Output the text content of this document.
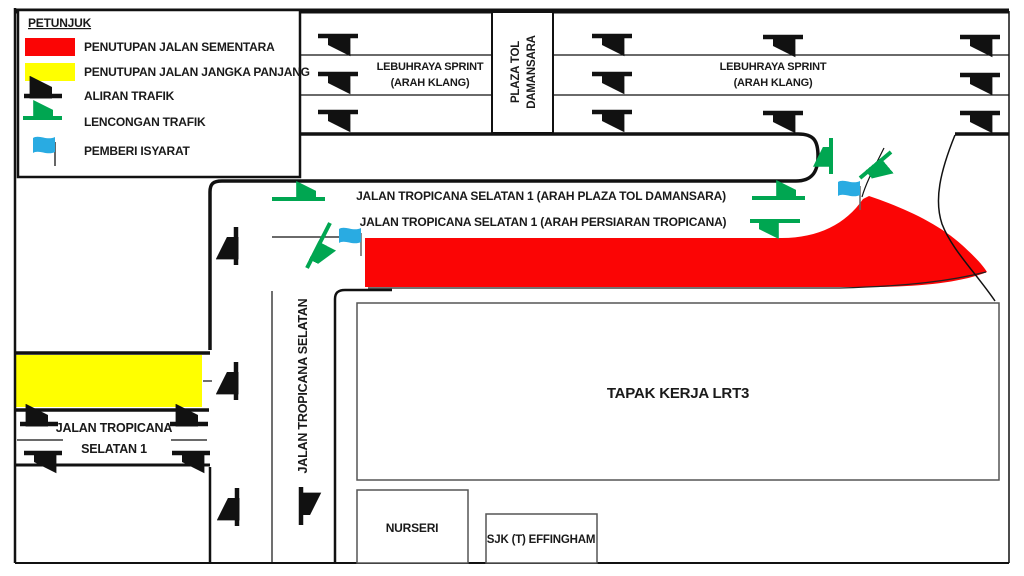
PETUNJUK
PENUTUPAN JALAN SEMENTARA
PENUTUPAN JALAN JANGKA PANJANG
ALIRAN TRAFIK
LENCONGAN TRAFIK
PEMBERI ISYARAT
LEBUHRAYA SPRINT
(ARAH KLANG)
LEBUHRAYA SPRINT
(ARAH KLANG)
PLAZA TOL DAMANSARA
JALAN TROPICANA SELATAN 1 (ARAH PLAZA TOL DAMANSARA)
JALAN TROPICANA SELATAN 1 (ARAH PERSIARAN TROPICANA)
JALAN TROPICANA SELATAN
JALAN TROPICANA
SELATAN 1
TAPAK KERJA LRT3
NURSERI
SJK (T) EFFINGHAM
